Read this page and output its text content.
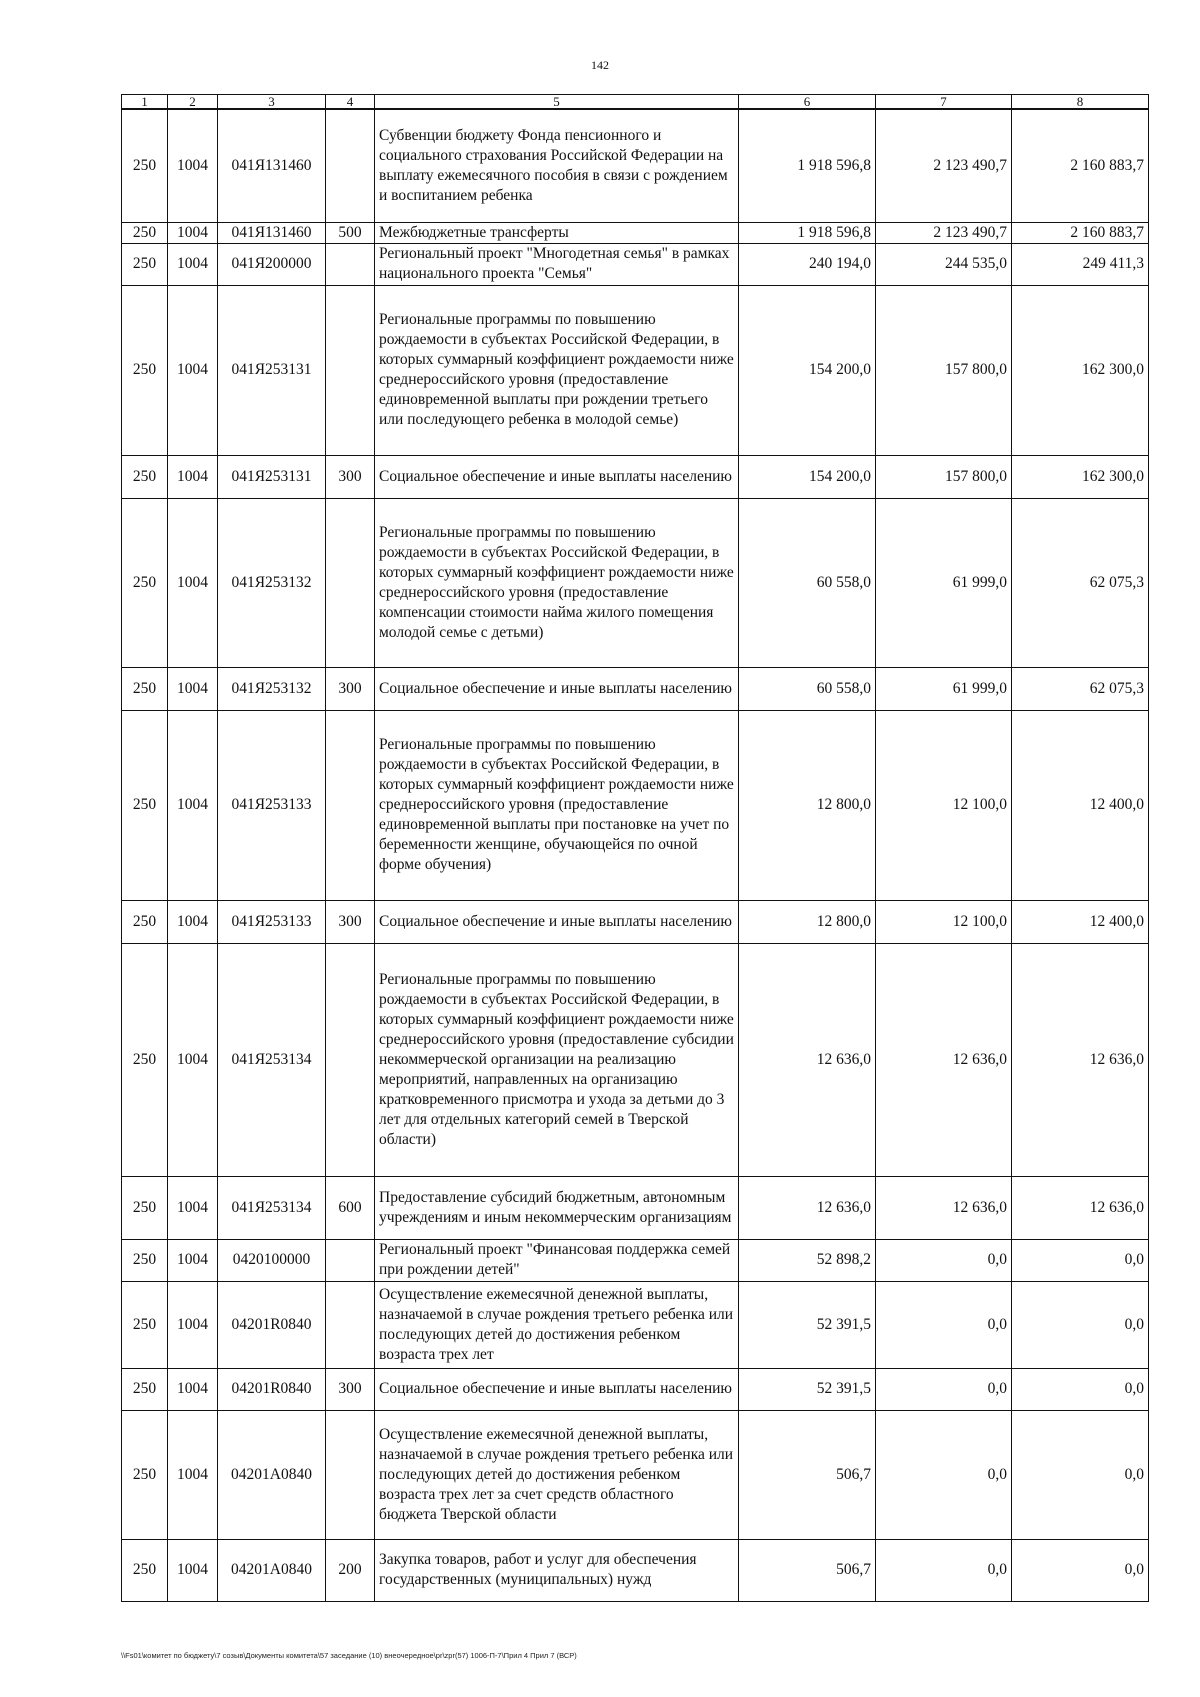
142
1	2	3	4	5	6	7	8
250	1004	041Я131460		Субвенции бюджету Фонда пенсионного и социального страхования Российской Федерации на выплату ежемесячного пособия в связи с рождением и воспитанием ребенка	1 918 596,8	2 123 490,7	2 160 883,7
250	1004	041Я131460	500	Межбюджетные трансферты	1 918 596,8	2 123 490,7	2 160 883,7
250	1004	041Я200000		Региональный проект "Многодетная семья" в рамках национального проекта "Семья"	240 194,0	244 535,0	249 411,3
250	1004	041Я253131		Региональные программы по повышению рождаемости в субъектах Российской Федерации, в которых суммарный коэффициент рождаемости ниже среднероссийского уровня (предоставление единовременной выплаты при рождении третьего или последующего ребенка в молодой семье)	154 200,0	157 800,0	162 300,0
250	1004	041Я253131	300	Социальное обеспечение и иные выплаты населению	154 200,0	157 800,0	162 300,0
250	1004	041Я253132		Региональные программы по повышению рождаемости в субъектах Российской Федерации, в которых суммарный коэффициент рождаемости ниже среднероссийского уровня (предоставление компенсации стоимости найма жилого помещения молодой семье с детьми)	60 558,0	61 999,0	62 075,3
250	1004	041Я253132	300	Социальное обеспечение и иные выплаты населению	60 558,0	61 999,0	62 075,3
250	1004	041Я253133		Региональные программы по повышению рождаемости в субъектах Российской Федерации, в которых суммарный коэффициент рождаемости ниже среднероссийского уровня (предоставление единовременной выплаты при постановке на учет по беременности женщине, обучающейся по очной форме обучения)	12 800,0	12 100,0	12 400,0
250	1004	041Я253133	300	Социальное обеспечение и иные выплаты населению	12 800,0	12 100,0	12 400,0
250	1004	041Я253134		Региональные программы по повышению рождаемости в субъектах Российской Федерации, в которых суммарный коэффициент рождаемости ниже среднероссийского уровня (предоставление субсидии некоммерческой организации на реализацию мероприятий, направленных на организацию кратковременного присмотра и ухода за детьми до 3 лет для отдельных категорий семей в Тверской области)	12 636,0	12 636,0	12 636,0
250	1004	041Я253134	600	Предоставление субсидий бюджетным, автономным учреждениям и иным некоммерческим организациям	12 636,0	12 636,0	12 636,0
250	1004	0420100000		Региональный проект "Финансовая поддержка семей при рождении детей"	52 898,2	0,0	0,0
250	1004	04201R0840		Осуществление ежемесячной денежной выплаты, назначаемой в случае рождения третьего ребенка или последующих детей до достижения ребенком возраста трех лет	52 391,5	0,0	0,0
250	1004	04201R0840	300	Социальное обеспечение и иные выплаты населению	52 391,5	0,0	0,0
250	1004	04201A0840		Осуществление ежемесячной денежной выплаты, назначаемой в случае рождения третьего ребенка или последующих детей до достижения ребенком возраста трех лет за счет средств областного бюджета Тверской области	506,7	0,0	0,0
250	1004	04201A0840	200	Закупка товаров, работ и услуг для обеспечения государственных (муниципальных) нужд	506,7	0,0	0,0
\\Fs01\комитет по бюджету\7 созыв\Документы комитета\57 заседание (10) внеочередное\pr\zpr(57) 1006-П-7\Прил 4 Прил 7 (ВСР)
